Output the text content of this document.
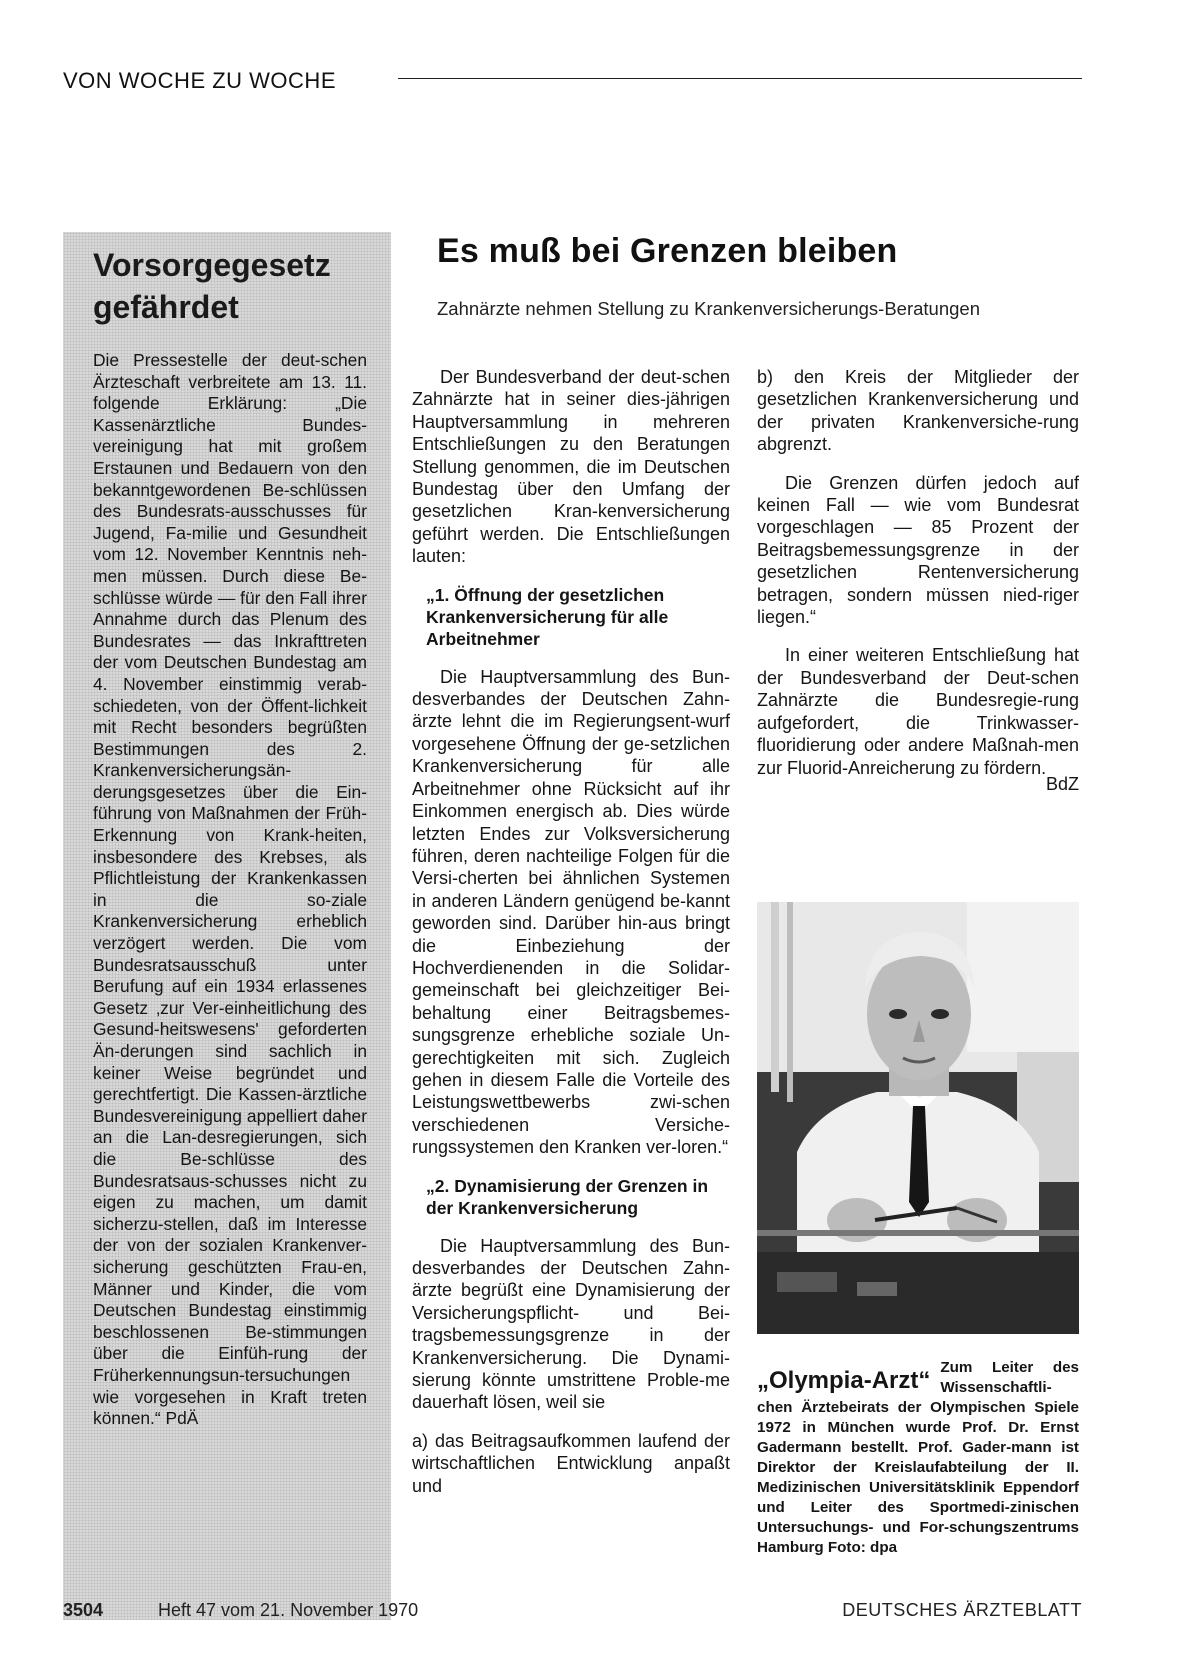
VON WOCHE ZU WOCHE
Vorsorgegesetz
gefährdet

Die Pressestelle der deut-schen Ärzteschaft verbreitete am 13. 11. folgende Erklärung: „Die Kassenärztliche Bundes-vereinigung hat mit großem Erstaunen und Bedauern von den bekanntgewordenen Be-schlüssen des Bundesrats-ausschusses für Jugend, Fa-milie und Gesundheit vom 12. November Kenntnis neh-men müssen. Durch diese Be-schlüsse würde — für den Fall ihrer Annahme durch das Plenum des Bundesrates — das Inkrafttreten der vom Deutschen Bundestag am 4. November einstimmig verab-schiedeten, von der Öffent-lichkeit mit Recht besonders begrüßten Bestimmungen des 2. Krankenversicherungsän-derungsgesetzes über die Ein-führung von Maßnahmen der Früh-Erkennung von Krank-heiten, insbesondere des Krebses, als Pflichtleistung der Krankenkassen in die so-ziale Krankenversicherung erheblich verzögert werden. Die vom Bundesratsausschuß unter Berufung auf ein 1934 erlassenes Gesetz ‚zur Ver-einheitlichung des Gesund-heitswesens' geforderten Än-derungen sind sachlich in keiner Weise begründet und gerechtfertigt. Die Kassen-ärztliche Bundesvereinigung appelliert daher an die Lan-desregierungen, sich die Be-schlüsse des Bundesratsaus-schusses nicht zu eigen zu machen, um damit sicherzu-stellen, daß im Interesse der von der sozialen Krankenver-sicherung geschützten Frau-en, Männer und Kinder, die vom Deutschen Bundestag einstimmig beschlossenen Be-stimmungen über die Einfüh-rung der Früherkennungsun-tersuchungen wie vorgesehen in Kraft treten können.“ PdÄ

Es muß bei Grenzen bleiben
Zahnärzte nehmen Stellung zu Krankenversicherungs-Beratungen

Der Bundesverband der deut-schen Zahnärzte hat in seiner dies-jährigen Hauptversammlung in mehreren Entschließungen zu den Beratungen Stellung genommen, die im Deutschen Bundestag über den Umfang der gesetzlichen Kran-kenversicherung geführt werden. Die Entschließungen lauten:

„1. Öffnung der gesetzlichen Krankenversicherung für alle Arbeitnehmer

Die Hauptversammlung des Bun-desverbandes der Deutschen Zahn-ärzte lehnt die im Regierungsent-wurf vorgesehene Öffnung der ge-setzlichen Krankenversicherung für alle Arbeitnehmer ohne Rücksicht auf ihr Einkommen energisch ab. Dies würde letzten Endes zur Volksversicherung führen, deren nachteilige Folgen für die Versi-cherten bei ähnlichen Systemen in anderen Ländern genügend be-kannt geworden sind. Darüber hin-aus bringt die Einbeziehung der Hochverdienenden in die Solidar-gemeinschaft bei gleichzeitiger Bei-behaltung einer Beitragsbemes-sungsgrenze erhebliche soziale Un-gerechtigkeiten mit sich. Zugleich gehen in diesem Falle die Vorteile des Leistungswettbewerbs zwi-schen verschiedenen Versiche-rungssystemen den Kranken ver-loren.“

„2. Dynamisierung der Grenzen in der Krankenversicherung

Die Hauptversammlung des Bun-desverbandes der Deutschen Zahn-ärzte begrüßt eine Dynamisierung der Versicherungspflicht- und Bei-tragsbemessungsgrenze in der Krankenversicherung. Die Dynami-sierung könnte umstrittene Proble-me dauerhaft lösen, weil sie

a) das Beitragsaufkommen laufend der wirtschaftlichen Entwicklung anpaßt und

b) den Kreis der Mitglieder der gesetzlichen Krankenversicherung und der privaten Krankenversiche-rung abgrenzt.

Die Grenzen dürfen jedoch auf keinen Fall — wie vom Bundesrat vorgeschlagen — 85 Prozent der Beitragsbemessungsgrenze in der gesetzlichen Rentenversicherung betragen, sondern müssen nied-riger liegen.“

In einer weiteren Entschließung hat der Bundesverband der Deut-schen Zahnärzte die Bundesregie-rung aufgefordert, die Trinkwasser-fluoridierung oder andere Maßnah-men zur Fluorid-Anreicherung zu fördern.

BdZ
„Olympia-Arzt“ Zum Leiter des Wissenschaftli-chen Ärztebeirats der Olympischen Spiele 1972 in München wurde Prof. Dr. Ernst Gadermann bestellt. Prof. Gader-mann ist Direktor der Kreislaufabteilung der II. Medizinischen Universitätsklinik Eppendorf und Leiter des Sportmedi-zinischen Untersuchungs- und For-schungszentrums Hamburg Foto: dpa
3504	Heft 47 vom 21. November 1970	DEUTSCHES ÄRZTEBLATT
